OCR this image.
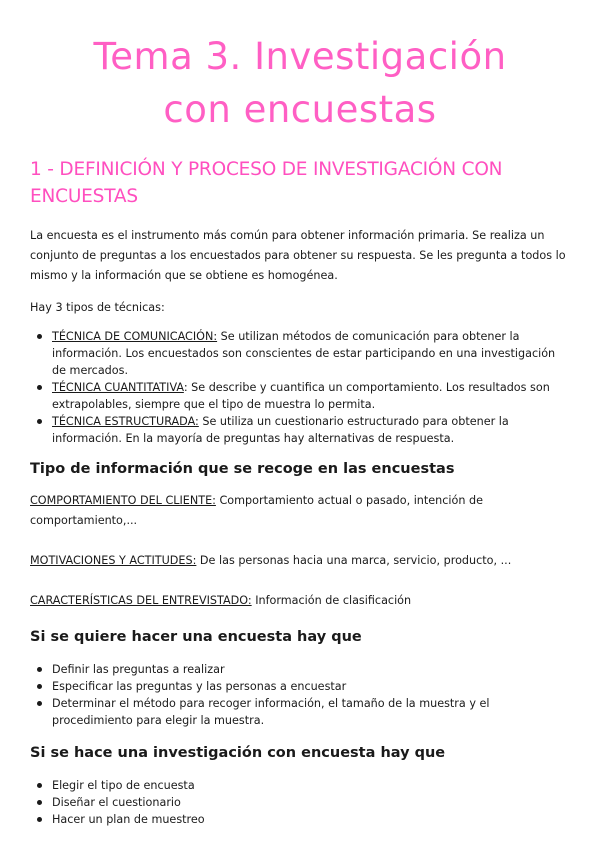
Tema 3. Investigación
con encuestas
1 - DEFINICIÓN Y PROCESO DE INVESTIGACIÓN CON ENCUESTAS

La encuesta es el instrumento más común para obtener información primaria. Se realiza un conjunto de preguntas a los encuestados para obtener su respuesta. Se les pregunta a todos lo mismo y la información que se obtiene es homogénea.

Hay 3 tipos de técnicas:

TÉCNICA DE COMUNICACIÓN: Se utilizan métodos de comunicación para obtener la información. Los encuestados son conscientes de estar participando en una investigación de mercados.
TÉCNICA CUANTITATIVA: Se describe y cuantifica un comportamiento. Los resultados son extrapolables, siempre que el tipo de muestra lo permita.
TÉCNICA ESTRUCTURADA: Se utiliza un cuestionario estructurado para obtener la información. En la mayoría de preguntas hay alternativas de respuesta.
Tipo de información que se recoge en las encuestas

COMPORTAMIENTO DEL CLIENTE: Comportamiento actual o pasado, intención de comportamiento,...

MOTIVACIONES Y ACTITUDES: De las personas hacia una marca, servicio, producto, ...

CARACTERÍSTICAS DEL ENTREVISTADO: Información de clasificación

Si se quiere hacer una encuesta hay que
Definir las preguntas a realizar
Especificar las preguntas y las personas a encuestar
Determinar el método para recoger información, el tamaño de la muestra y el procedimiento para elegir la muestra.
Si se hace una investigación con encuesta hay que
Elegir el tipo de encuesta
Diseñar el cuestionario
Hacer un plan de muestreo
